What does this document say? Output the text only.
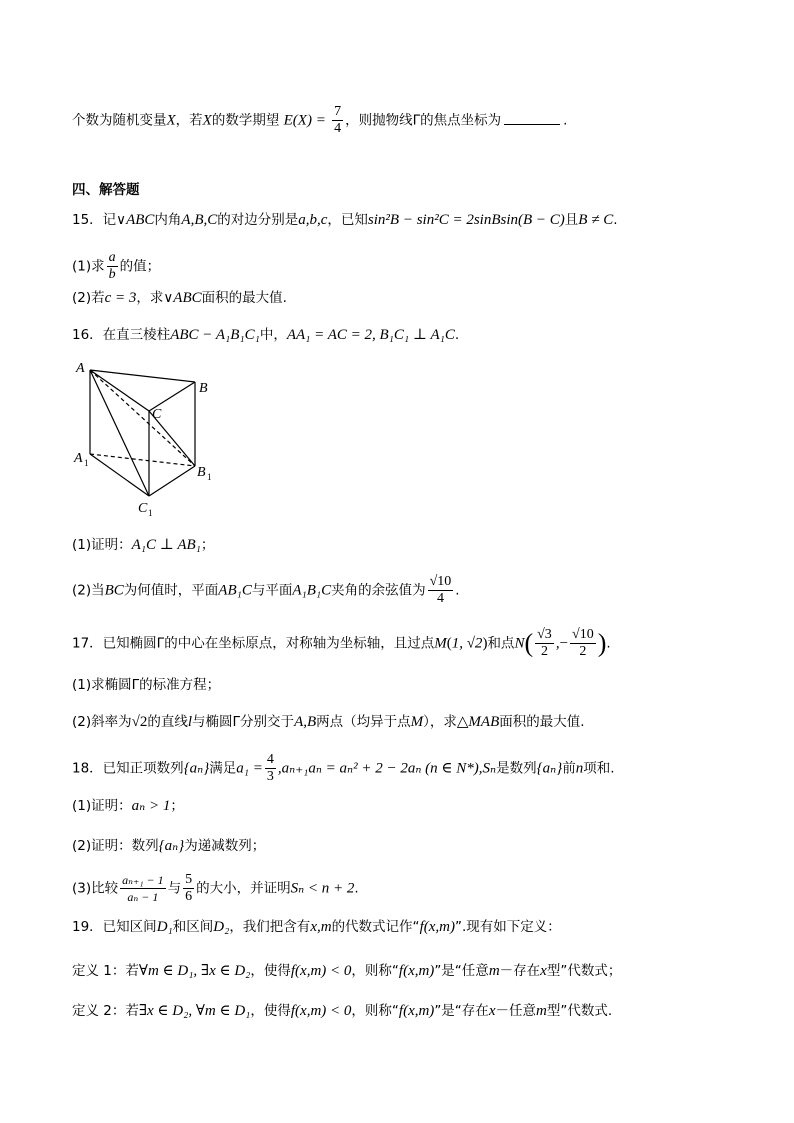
个数为随机变量X，若X的数学期望 $E(X) = \frac{7}{4}$ ，则抛物线Γ的焦点坐标为	.
四、解答题
15．记∨ABC内角A,B,C的对边分别是a,b,c，已知sin²B − sin²C = 2sinBsin(B − C)且B ≠ C.
(1)求 $\frac{a}{b}$ 的值；
(2)若c = 3，求∨ABC面积的最大值.
16．在直三棱柱ABC − A₁B₁C₁中，AA₁ = AC = 2, B₁C₁ ⊥ A₁C.
A
B
C
A 1
B 1
C 1
(1)证明：A₁C ⊥ AB₁；
(2)当BC为何值时，平面AB₁C与平面A₁B₁C夹角的余弦值为 $\frac{√10}{4}$ .
17．已知椭圆Γ的中心在坐标原点，对称轴为坐标轴，且过点M(1, √2)和点$N( \frac{√3}{2}$ ,− $\frac{√10}{2}$ ).
(1)求椭圆Γ的标准方程；
(2)斜率为√2的直线l与椭圆Γ分别交于A,B两点（均异于点M），求△MAB面积的最大值.
18．已知正项数列{aₙ}满足$a_1 = \frac{4}{3} ,a_{n+1}a_n = a_n^2 + 2 - 2a_n$ (n ∈ N*),Sₙ是数列{aₙ}前n项和.
(1)证明：aₙ > 1；
(2)证明：数列{aₙ}为递减数列；
(3)比较 $\frac{\text{aₙ₊₁ − 1}}{\text{aₙ − 1}}$ 与 $\frac{5}{6}$ 的大小，并证明Sₙ < n + 2.
19．已知区间D₁和区间D₂，我们把含有x,m的代数式记作“f(x,m)”.现有如下定义：
定义 1：若∀m ∈ D₁, ∃x ∈ D₂，使得f(x,m) < 0，则称“f(x,m)”是“任意m－存在x型”代数式；
定义 2：若∃x ∈ D₂, ∀m ∈ D₁，使得f(x,m) < 0，则称“f(x,m)”是“存在x－任意m型”代数式.
